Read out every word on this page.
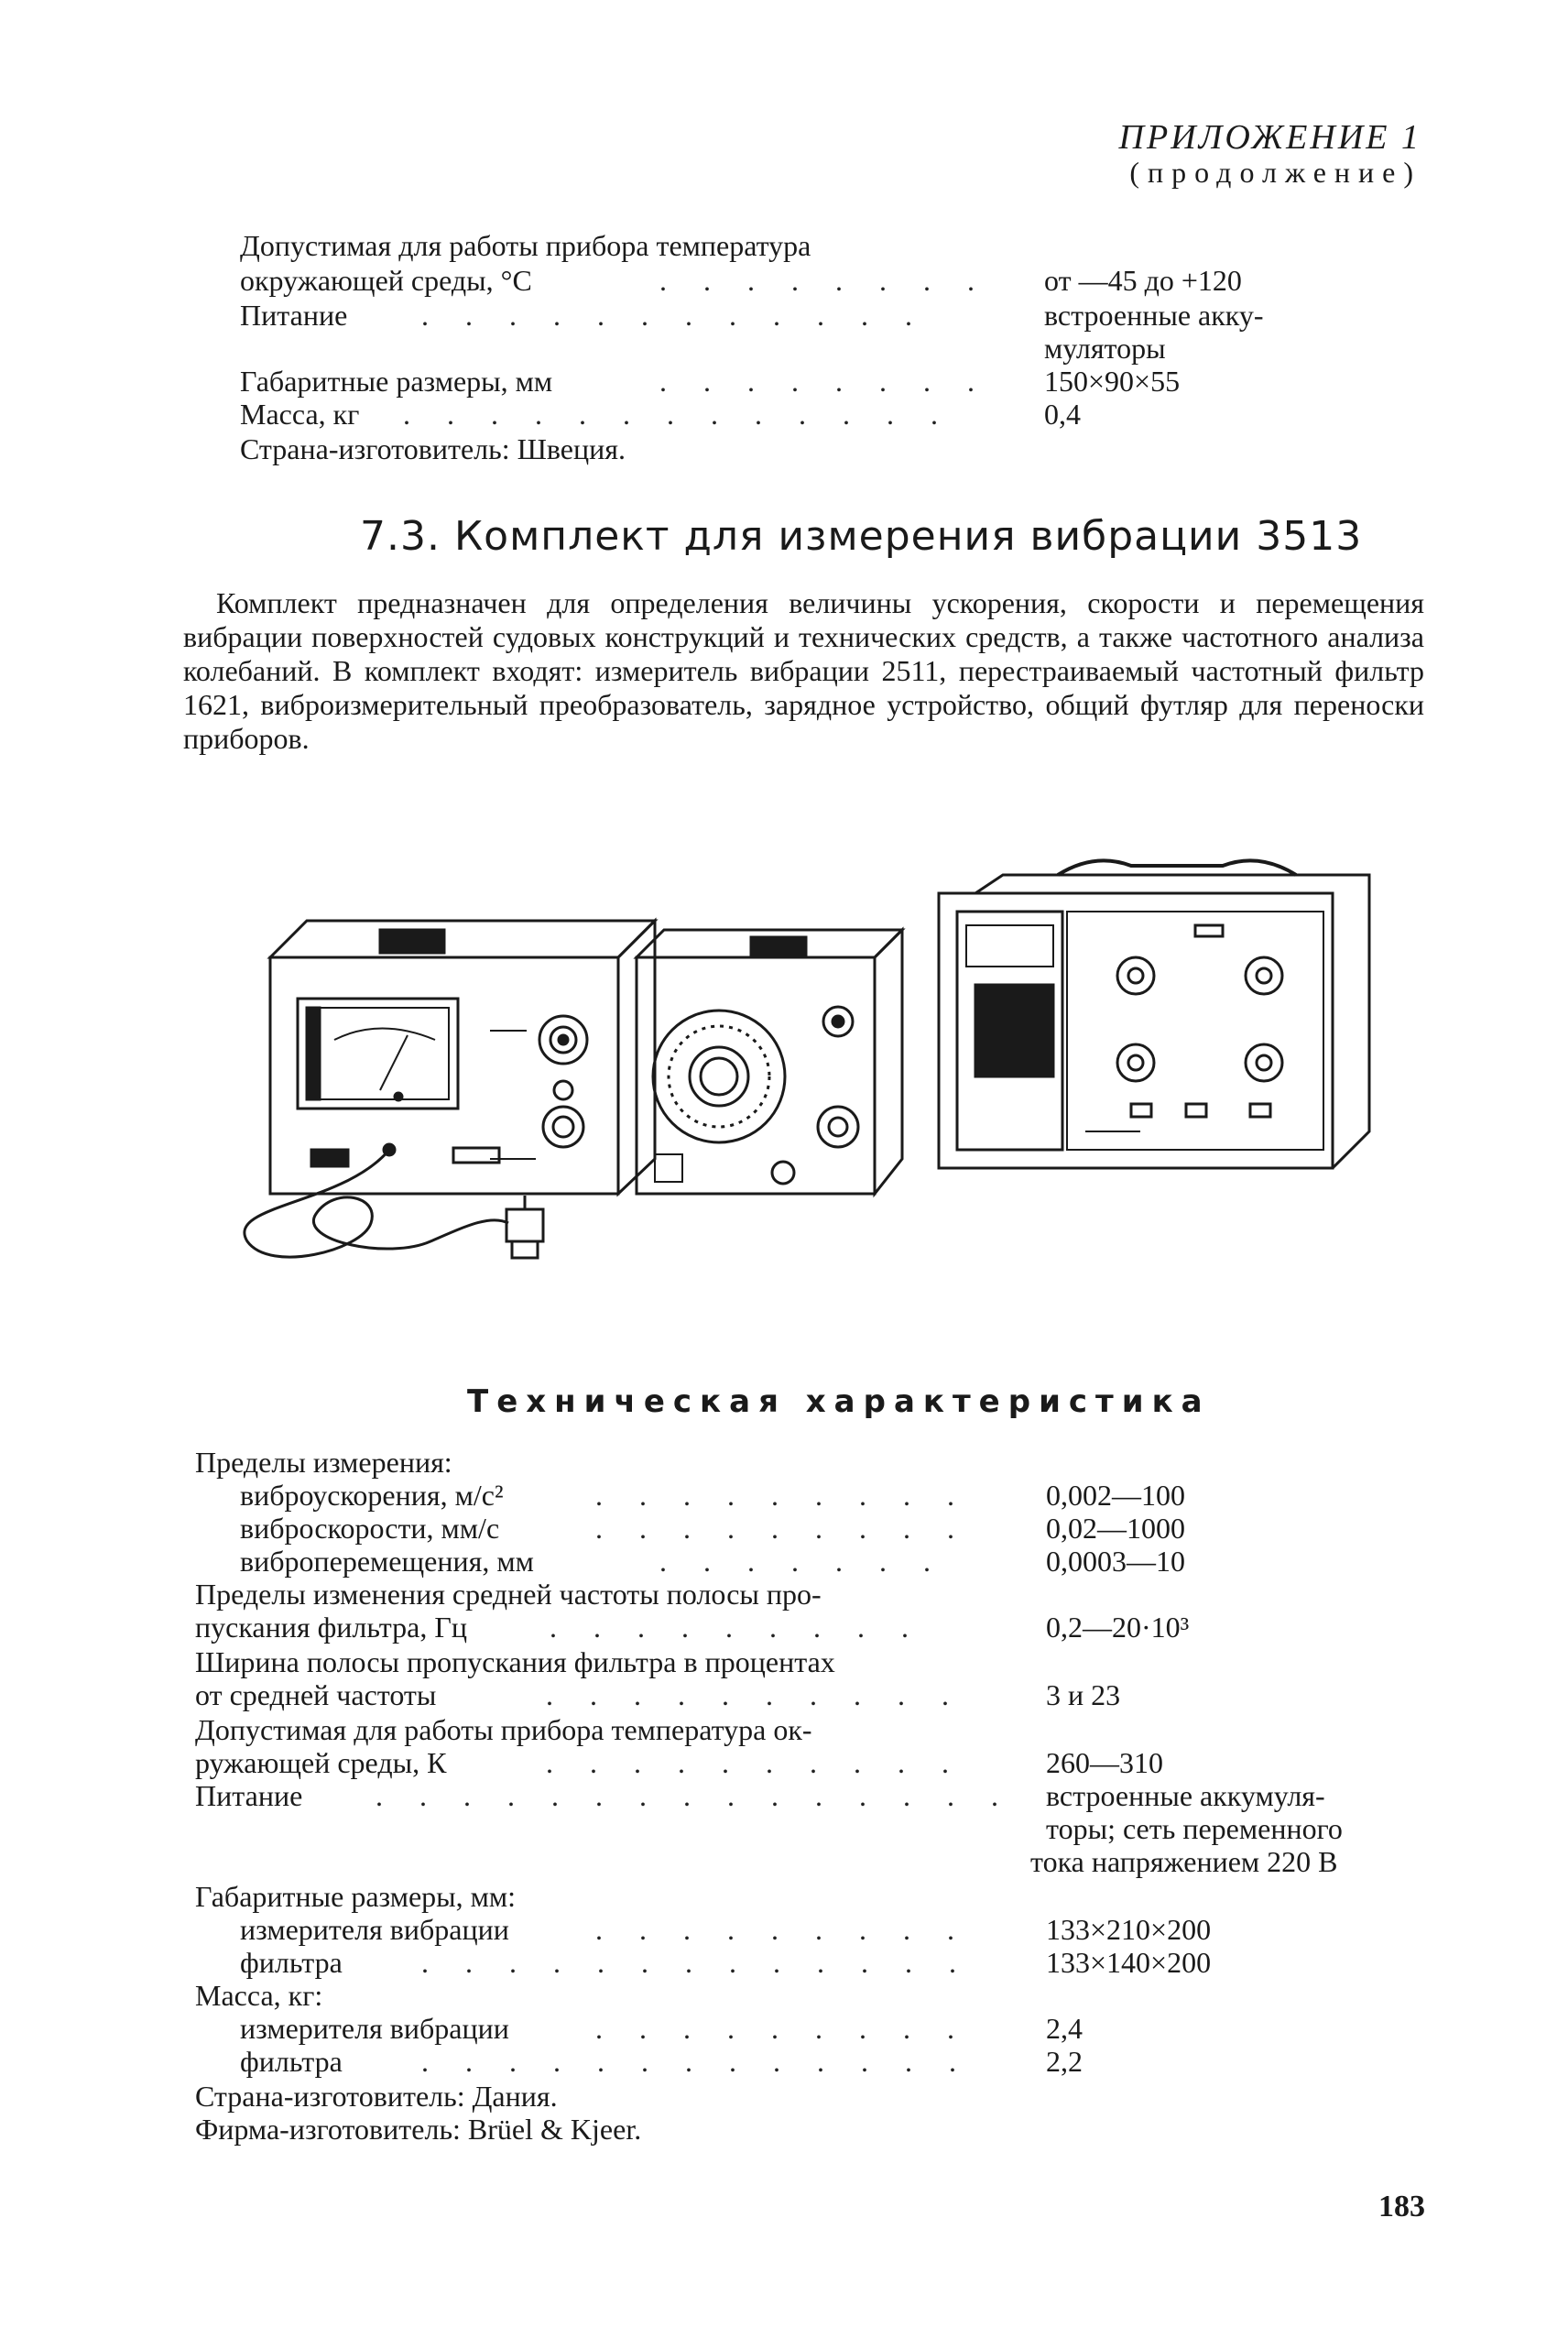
ПРИЛОЖЕНИЕ 1
(продолжение)
Допустимая для работы прибора температура
окружающей среды, °С	. . . . . . . . от —45 до +120
Питание	. . . . . . . . . . . .	встроенные акку-
муляторы
Габаритные размеры, мм	. . . . . . . . 150×90×55
Масса, кг . . . . . . . . . . . . .	0,4
Страна-изготовитель: Швеция.
7.3. Комплект для измерения вибрации 3513

Комплект предназначен для определения величины ускорения, скорости и перемещения вибрации поверхностей судовых конструкций и технических средств, а также частотного анализа колебаний. В комплект входят: измеритель вибрации 2511, перестраиваемый частотный фильтр 1621, виброизмерительный преобразователь, зарядное устройство, общий футляр для переноски приборов.

Техническая характеристика
Пределы измерения:
виброускорения, м/с²	. . . . . . . . .	0,002—100
виброскорости, мм/с	. . . . . . . . .	0,02—1000
виброперемещения, мм	. . . . . . .	0,0003—10
Пределы изменения средней частоты полосы про-
пускания фильтра, Гц	. . . . . . . . .	0,2—20·10³
Ширина полосы пропускания фильтра в процентах
от средней частоты	. . . . . . . . . .	3 и 23
Допустимая для работы прибора температура ок-
ружающей среды, К	. . . . . . . . . .	260—310
Питание . . . . . . . . . . . . . . . встроенные аккумуля-
торы; сеть переменного
тока напряжением 220 В
Габаритные размеры, мм:
измерителя вибрации	. . . . . . . . .	133×210×200
фильтра	. . . . . . . . . . . . .	133×140×200
Масса, кг:
измерителя вибрации	. . . . . . . . .	2,4
фильтра	. . . . . . . . . . . . .	2,2
Страна-изготовитель: Дания.
Фирма-изготовитель: Brüel & Kjeer.
183
